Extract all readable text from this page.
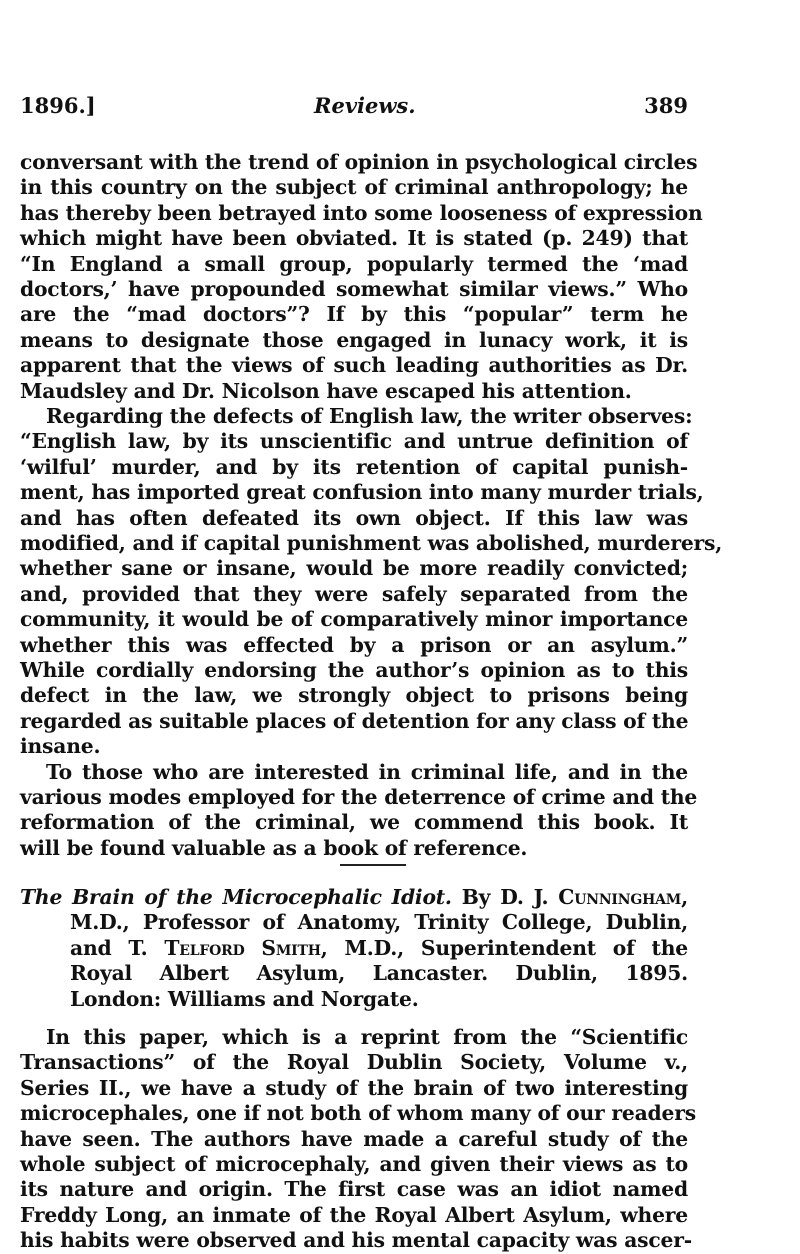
1896.]	Reviews.	389
conversant with the trend of opinion in psychological circles
in this country on the subject of criminal anthropology; he
has thereby been betrayed into some looseness of expression
which might have been obviated. It is stated (p. 249) that
“In England a small group, popularly termed the ‘mad
doctors,’ have propounded somewhat similar views.” Who
are the “mad doctors”? If by this “popular” term he
means to designate those engaged in lunacy work, it is
apparent that the views of such leading authorities as Dr.
Maudsley and Dr. Nicolson have escaped his attention.
Regarding the defects of English law, the writer observes:
“English law, by its unscientific and untrue definition of
‘wilful’ murder, and by its retention of capital punish-
ment, has imported great confusion into many murder trials,
and has often defeated its own object. If this law was
modified, and if capital punishment was abolished, murderers,
whether sane or insane, would be more readily convicted;
and, provided that they were safely separated from the
community, it would be of comparatively minor importance
whether this was effected by a prison or an asylum.”
While cordially endorsing the author’s opinion as to this
defect in the law, we strongly object to prisons being
regarded as suitable places of detention for any class of the
insane.
To those who are interested in criminal life, and in the
various modes employed for the deterrence of crime and the
reformation of the criminal, we commend this book. It
will be found valuable as a book of reference.
The Brain of the Microcephalic Idiot. By D. J. Cunningham,
M.D., Professor of Anatomy, Trinity College, Dublin,
and T. Telford Smith, M.D., Superintendent of the
Royal Albert Asylum, Lancaster. Dublin, 1895.
London: Williams and Norgate.
In this paper, which is a reprint from the “Scientific
Transactions” of the Royal Dublin Society, Volume v.,
Series II., we have a study of the brain of two interesting
microcephales, one if not both of whom many of our readers
have seen. The authors have made a careful study of the
whole subject of microcephaly, and given their views as to
its nature and origin. The first case was an idiot named
Freddy Long, an inmate of the Royal Albert Asylum, where
his habits were observed and his mental capacity was ascer-
